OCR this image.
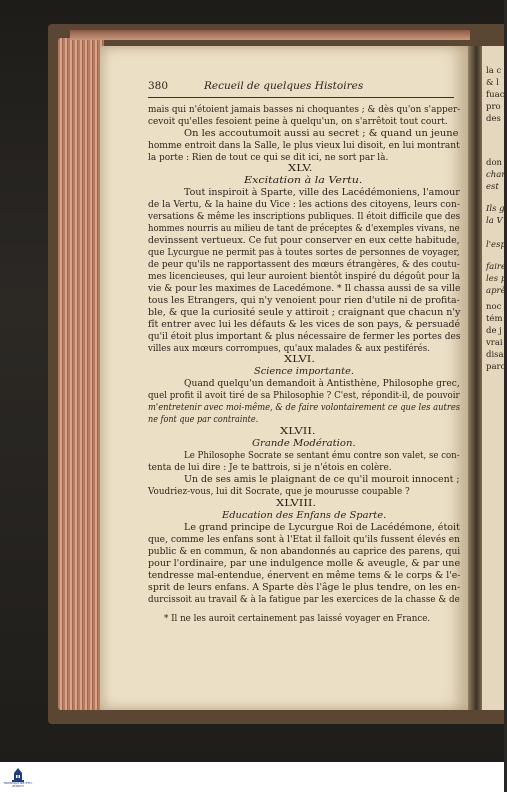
380	Recueil de quelques Histoires
mais qui n'étoient jamais basses ni choquantes ; & dès qu'on s'apper-
cevoit qu'elles fesoient peine à quelqu'un, on s'arrêtoit tout court.
On les accoutumoit aussi au secret ; & quand un jeune
homme entroit dans la Salle, le plus vieux lui disoit, en lui montrant
la porte : Rien de tout ce qui se dit ici, ne sort par là.
XLV.
Excitation à la Vertu.
Tout inspiroit à Sparte, ville des Lacédémoniens, l'amour
de la Vertu, & la haine du Vice : les actions des citoyens, leurs con-
versations & même les inscriptions publiques. Il étoit difficile que des
hommes nourris au milieu de tant de préceptes & d'exemples vivans, ne
devinssent vertueux. Ce fut pour conserver en eux cette habitude,
que Lycurgue ne permit pas à toutes sortes de personnes de voyager,
de peur qu'ils ne rapportassent des mœurs étrangères, & des coutu-
mes licencieuses, qui leur auroient bientôt inspiré du dégoût pour la
vie & pour les maximes de Lacedémone. * Il chassa aussi de sa ville
tous les Etrangers, qui n'y venoient pour rien d'utile ni de profita-
ble, & que la curiosité seule y attiroit ; craignant que chacun n'y
fît entrer avec lui les défauts & les vices de son pays, & persuadé
qu'il étoit plus important & plus nécessaire de fermer les portes des
villes aux mœurs corrompues, qu'aux malades & aux pestiférés.
XLVI.
Science importante.
Quand quelqu'un demandoit à Antisthène, Philosophe grec,
quel profit il avoit tiré de sa Philosophie ? C'est, répondit-il, de pouvoir
m'entretenir avec moi-même, & de faire volontairement ce que les autres
ne font que par contrainte.
XLVII.
Grande Modération.
Le Philosophe Socrate se sentant ému contre son valet, se con-
tenta de lui dire : Je te battrois, si je n'étois en colère.
Un de ses amis le plaignant de ce qu'il mouroit innocent ;
Voudriez-vous, lui dit Socrate, que je mourusse coupable ?
XLVIII.
Education des Enfans de Sparte.
Le grand principe de Lycurgue Roi de Lacédémone, étoit
que, comme les enfans sont à l'Etat il falloit qu'ils fussent élevés en
public & en commun, & non abandonnés au caprice des parens, qui
pour l'ordinaire, par une indulgence molle & aveugle, & par une
tendresse mal-entendue, énervent en même tems & le corps & l'e-
sprit de leurs enfans. A Sparte dès l'âge le plus tendre, on les en-
durcissoit au travail & à la fatigue par les exercices de la chasse & de
* Il ne les auroit certainement pas laissé voyager en France.
la c
& l
fuac
pro
des
don
chan
est
Ils g
la V
l'esp
faire
les p
aprè
noc
tém
de j
vrai
disa
parc
TRENDIGITIZE ETH-ZÜRICH
